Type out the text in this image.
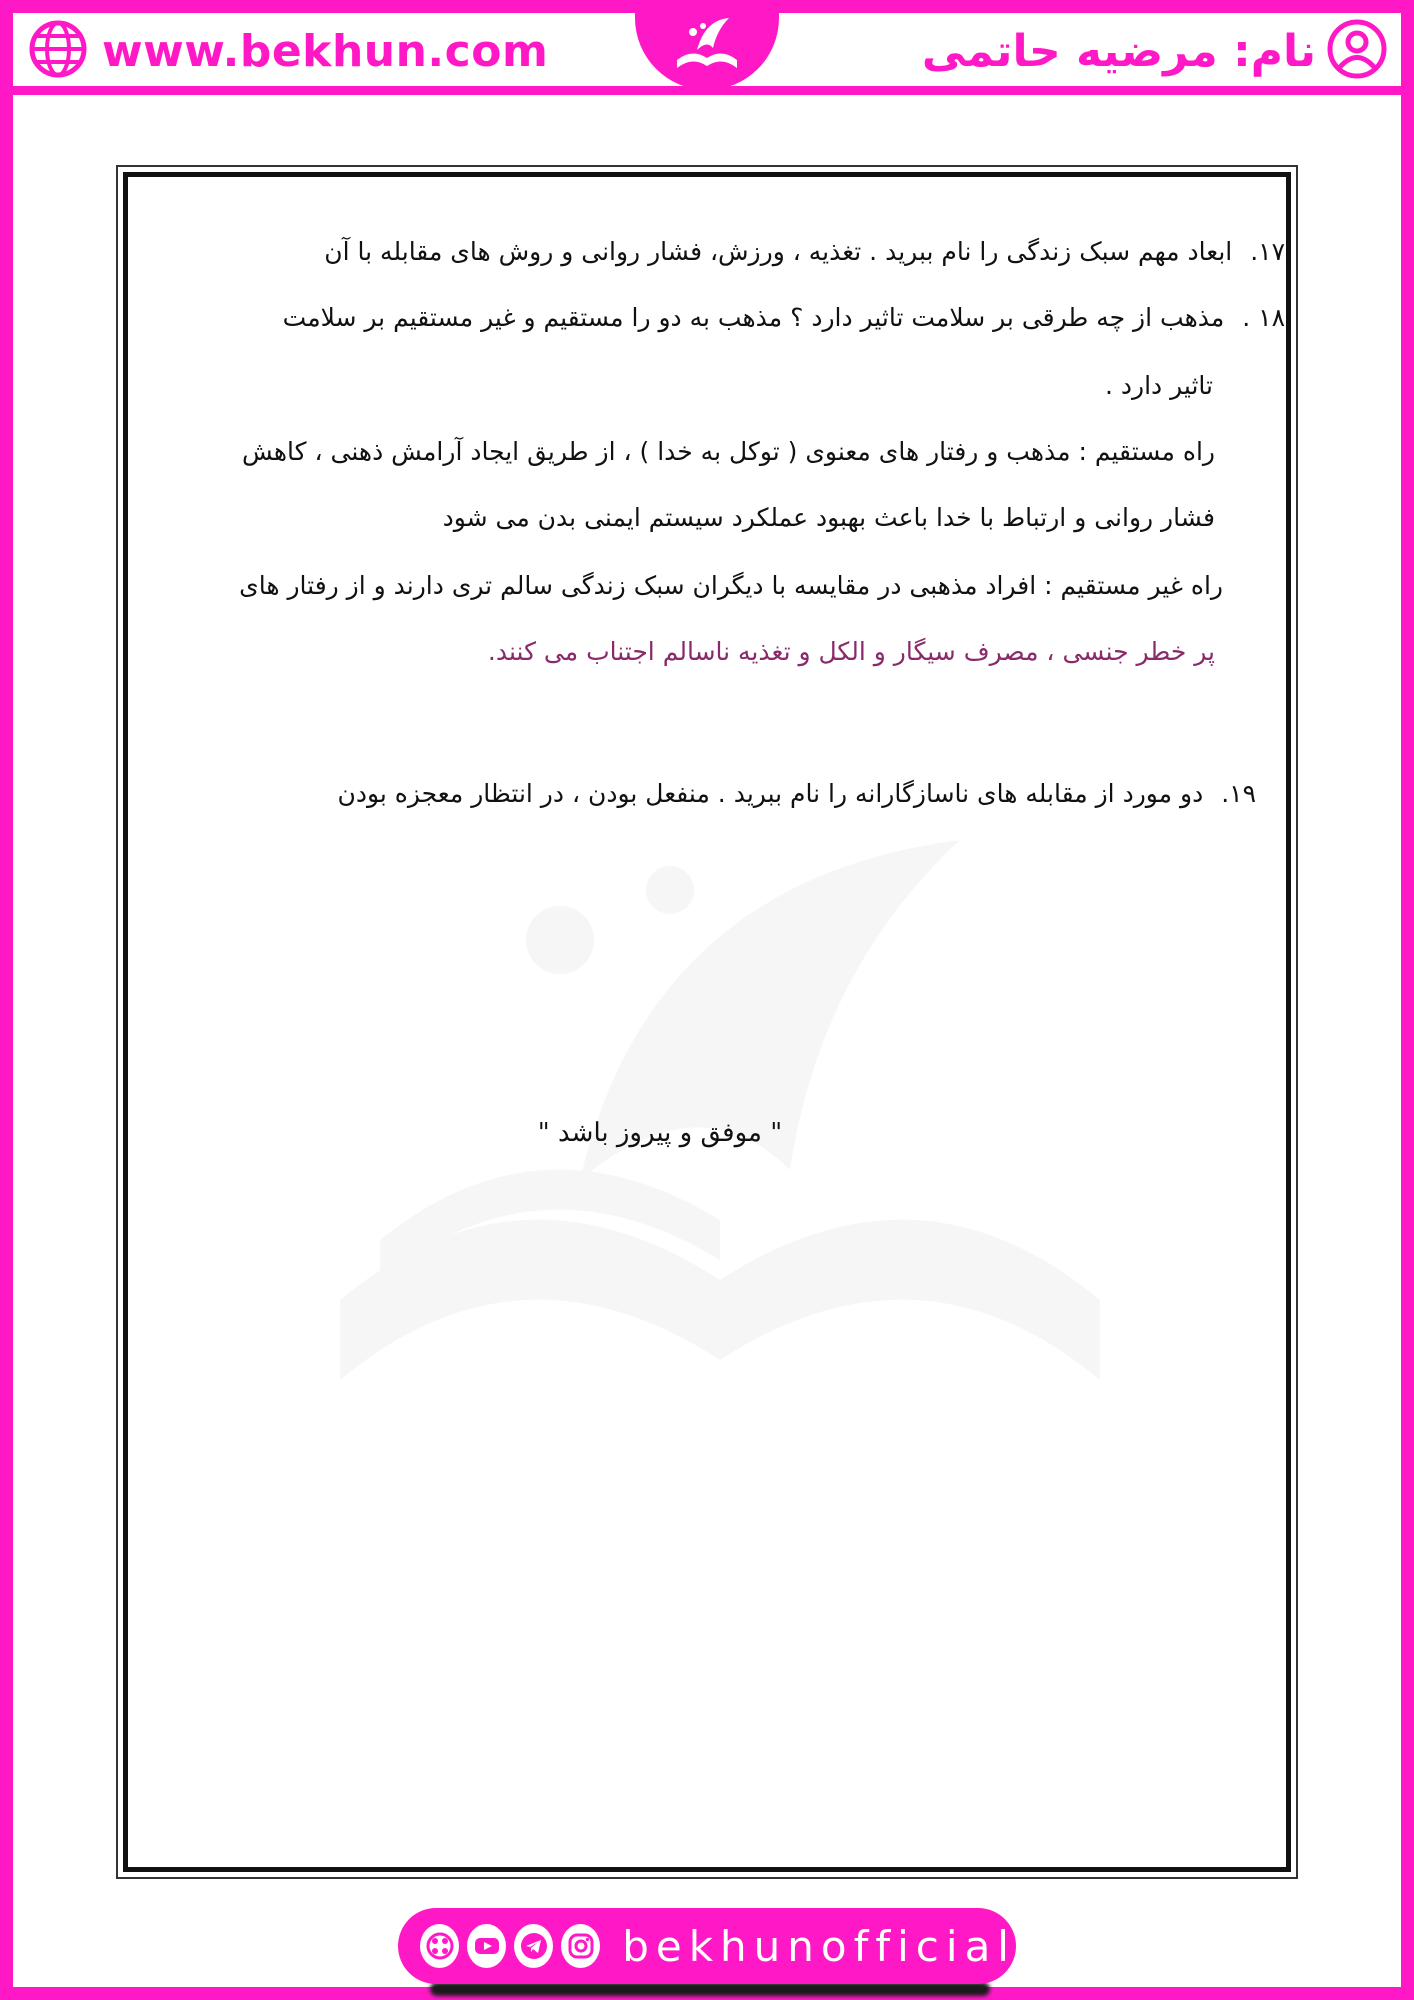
www.bekhun.com	نام: مرضیه حاتمی
۱۷. ابعاد مهم سبک زندگی را نام ببرید . تغذیه ، ورزش، فشار روانی و روش های مقابله با آن
۱۸ . مذهب از چه طرقی بر سلامت تاثیر دارد ؟ مذهب به دو را مستقیم و غیر مستقیم بر سلامت
تاثیر دارد .
راه مستقیم : مذهب و رفتار های معنوی ( توکل به خدا ) ، از طریق ایجاد آرامش ذهنی ، کاهش
فشار روانی و ارتباط با خدا باعث بهبود عملکرد سیستم ایمنی بدن می شود
راه غیر مستقیم : افراد مذهبی در مقایسه با دیگران سبک زندگی سالم تری دارند و از رفتار های
پر خطر جنسی ، مصرف سیگار و الکل و تغذیه ناسالم اجتناب می کنند.
۱۹. دو مورد از مقابله های ناسازگارانه را نام ببرید . منفعل بودن ، در انتظار معجزه بودن
" موفق و پیروز باشد "
bekhunofficial
